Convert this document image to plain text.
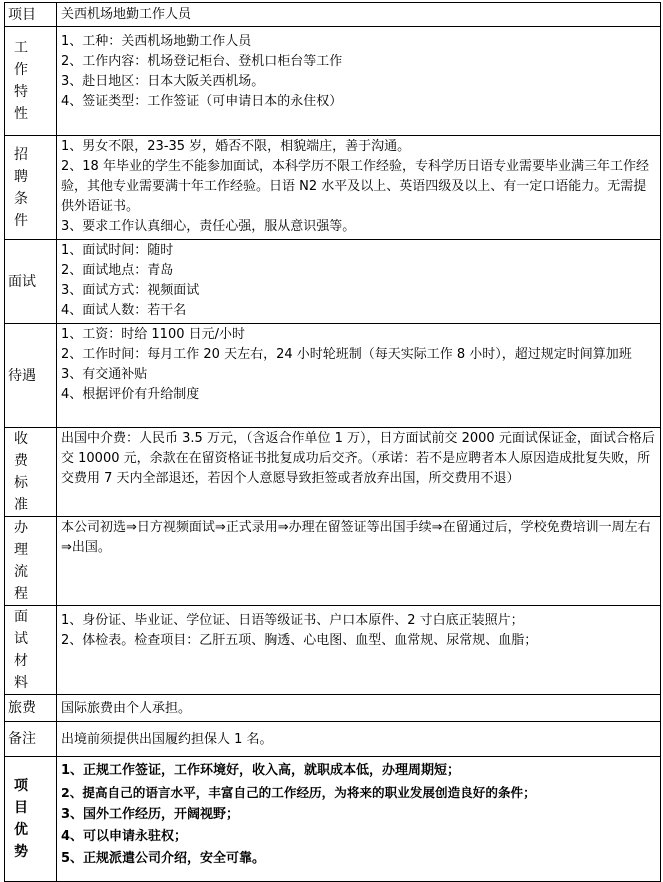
项目	关西机场地勤工作人员

工 作特性	1、工种：关西机场地勤工作人员
2、工作内容：机场登记柜台、登机口柜台等工作
3、赴日地区：日本大阪关西机场。
4、签证类型：工作签证（可申请日本的永住权）

招 聘条件	1、男女不限，23-35 岁，婚否不限，相貌端庄，善于沟通。
2、18 年毕业的学生不能参加面试，本科学历不限工作经验，专科学历日语专业需要毕业满三年工作经验，其他专业需要满十年工作经验。日语 N2 水平及以上、英语四级及以上、有一定口语能力。无需提供外语证书。
3、要求工作认真细心，责任心强，服从意识强等。

面试	1、面试时间：随时
2、面试地点：青岛
3、面试方式：视频面试
4、面试人数：若干名

待遇	1、工资：时给 1100 日元/小时
2、工作时间：每月工作 20 天左右，24 小时轮班制（每天实际工作 8 小时），超过规定时间算加班
3、有交通补贴
4、根据评价有升给制度

收 费标准	出国中介费：人民币 3.5 万元，（含返合作单位 1 万），日方面试前交 2000 元面试保证金，面试合格后交 10000 元，余款在在留资格证书批复成功后交齐。（承诺：若不是应聘者本人原因造成批复失败，所交费用 7 天内全部退还，若因个人意愿导致拒签或者放弃出国，所交费用不退）

办 理流程	本公司初选⇒日方视频面试⇒正式录用⇒办理在留签证等出国手续⇒在留通过后，学校免费培训一周左右⇒出国。

面 试材料	1、身份证、毕业证、学位证、日语等级证书、户口本原件、2 寸白底正装照片；
2、体检表。检查项目：乙肝五项、胸透、心电图、血型、血常规、尿常规、血脂；

旅费	国际旅费由个人承担。

备注	出境前须提供出国履约担保人 1 名。

项 目优势	1、正规工作签证，工作环境好，收入高，就职成本低，办理周期短；
2、提高自己的语言水平，丰富自己的工作经历，为将来的职业发展创造良好的条件；
3、国外工作经历，开阔视野；
4、可以申请永驻权；
5、正规派遣公司介绍，安全可靠。
